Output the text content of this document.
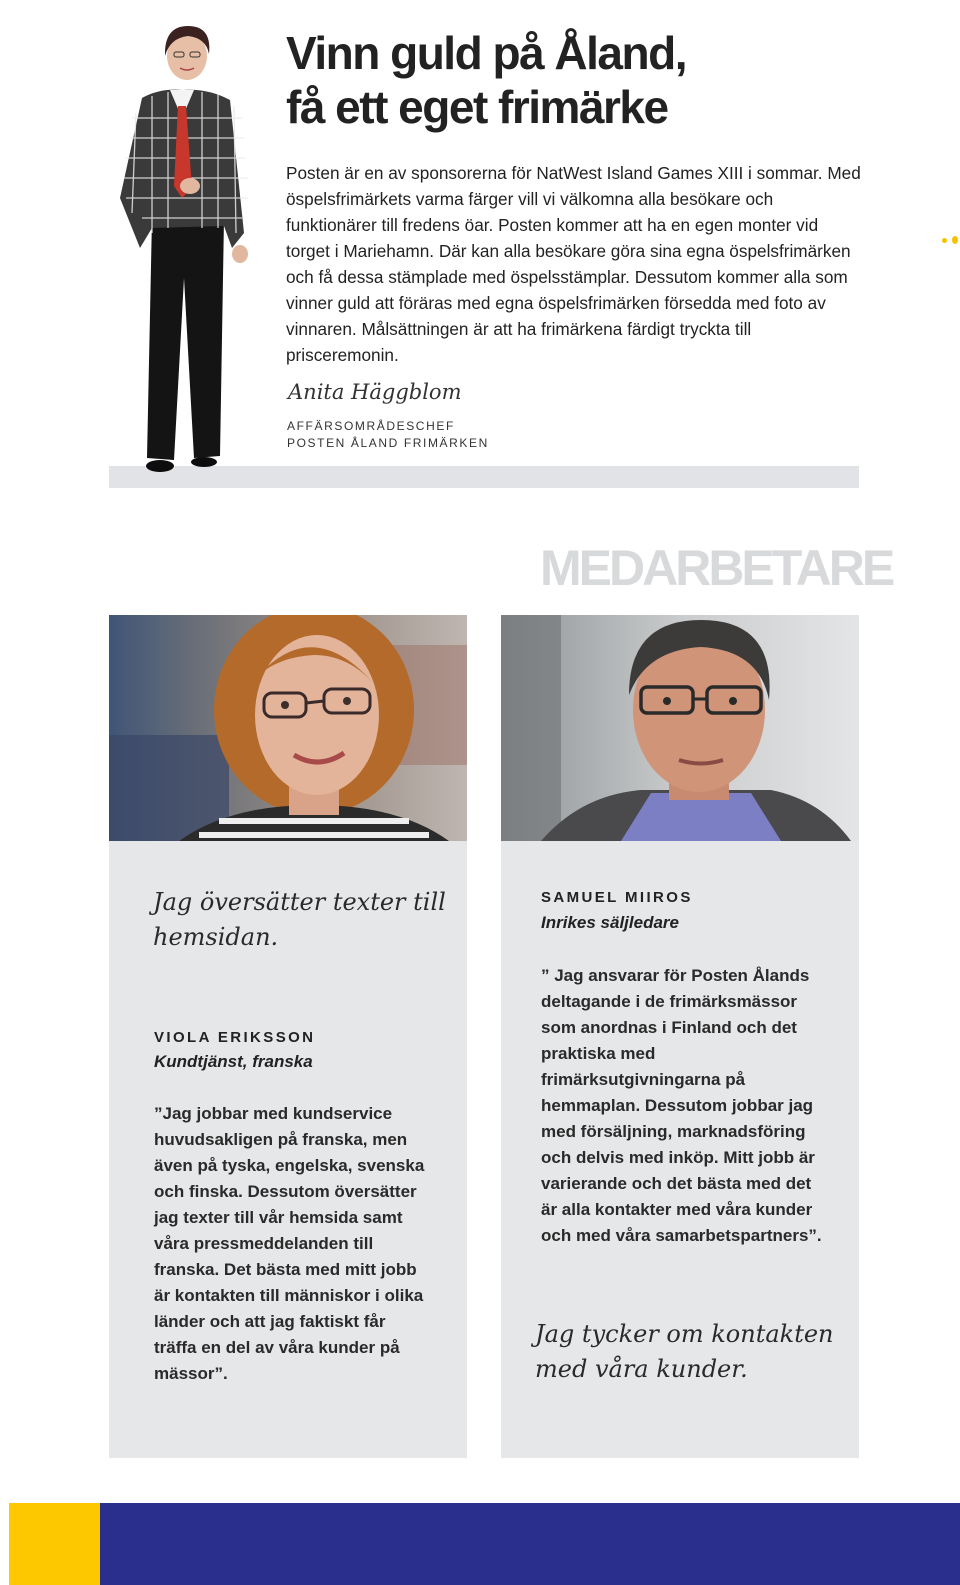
Vinn guld på Åland,
få ett eget frimärke

Posten är en av sponsorerna för NatWest Island Games XIII i sommar. Med öspelsfrimärkets varma färger vill vi välkomna alla besökare och funktionärer till fredens öar. Posten kommer att ha en egen monter vid torget i Mariehamn. Där kan alla besökare göra sina egna öspelsfrimärken och få dessa stämplade med öspelsstämplar. Dessutom kommer alla som vinner guld att föräras med egna öspelsfrimärken försedda med foto av vinnaren. Målsättningen är att ha frimärkena färdigt tryckta till prisceremonin.

Anita Häggblom
AFFÄRSOMRÅDESCHEF
POSTEN ÅLAND FRIMÄRKEN
MEDARBETARE
Jag översätter texter till
hemsidan.
VIOLA ERIKSSON
Kundtjänst, franska

”Jag jobbar med kundservice huvudsakligen på franska, men även på tyska, engelska, svenska och finska. Dessutom översätter jag texter till vår hemsida samt våra pressmeddelanden till franska. Det bästa med mitt jobb är kontakten till människor i olika länder och att jag faktiskt får träffa en del av våra kunder på mässor”.

SAMUEL MIIROS
Inrikes säljledare

” Jag ansvarar för Posten Ålands deltagande i de frimärksmässor som anordnas i Finland och det praktiska med frimärksutgivningarna på hemmaplan. Dessutom jobbar jag med försäljning, marknadsföring och delvis med inköp. Mitt jobb är varierande och det bästa med det är alla kontakter med våra kunder och med våra samarbetspartners”.

Jag tycker om kontakten
med våra kunder.
